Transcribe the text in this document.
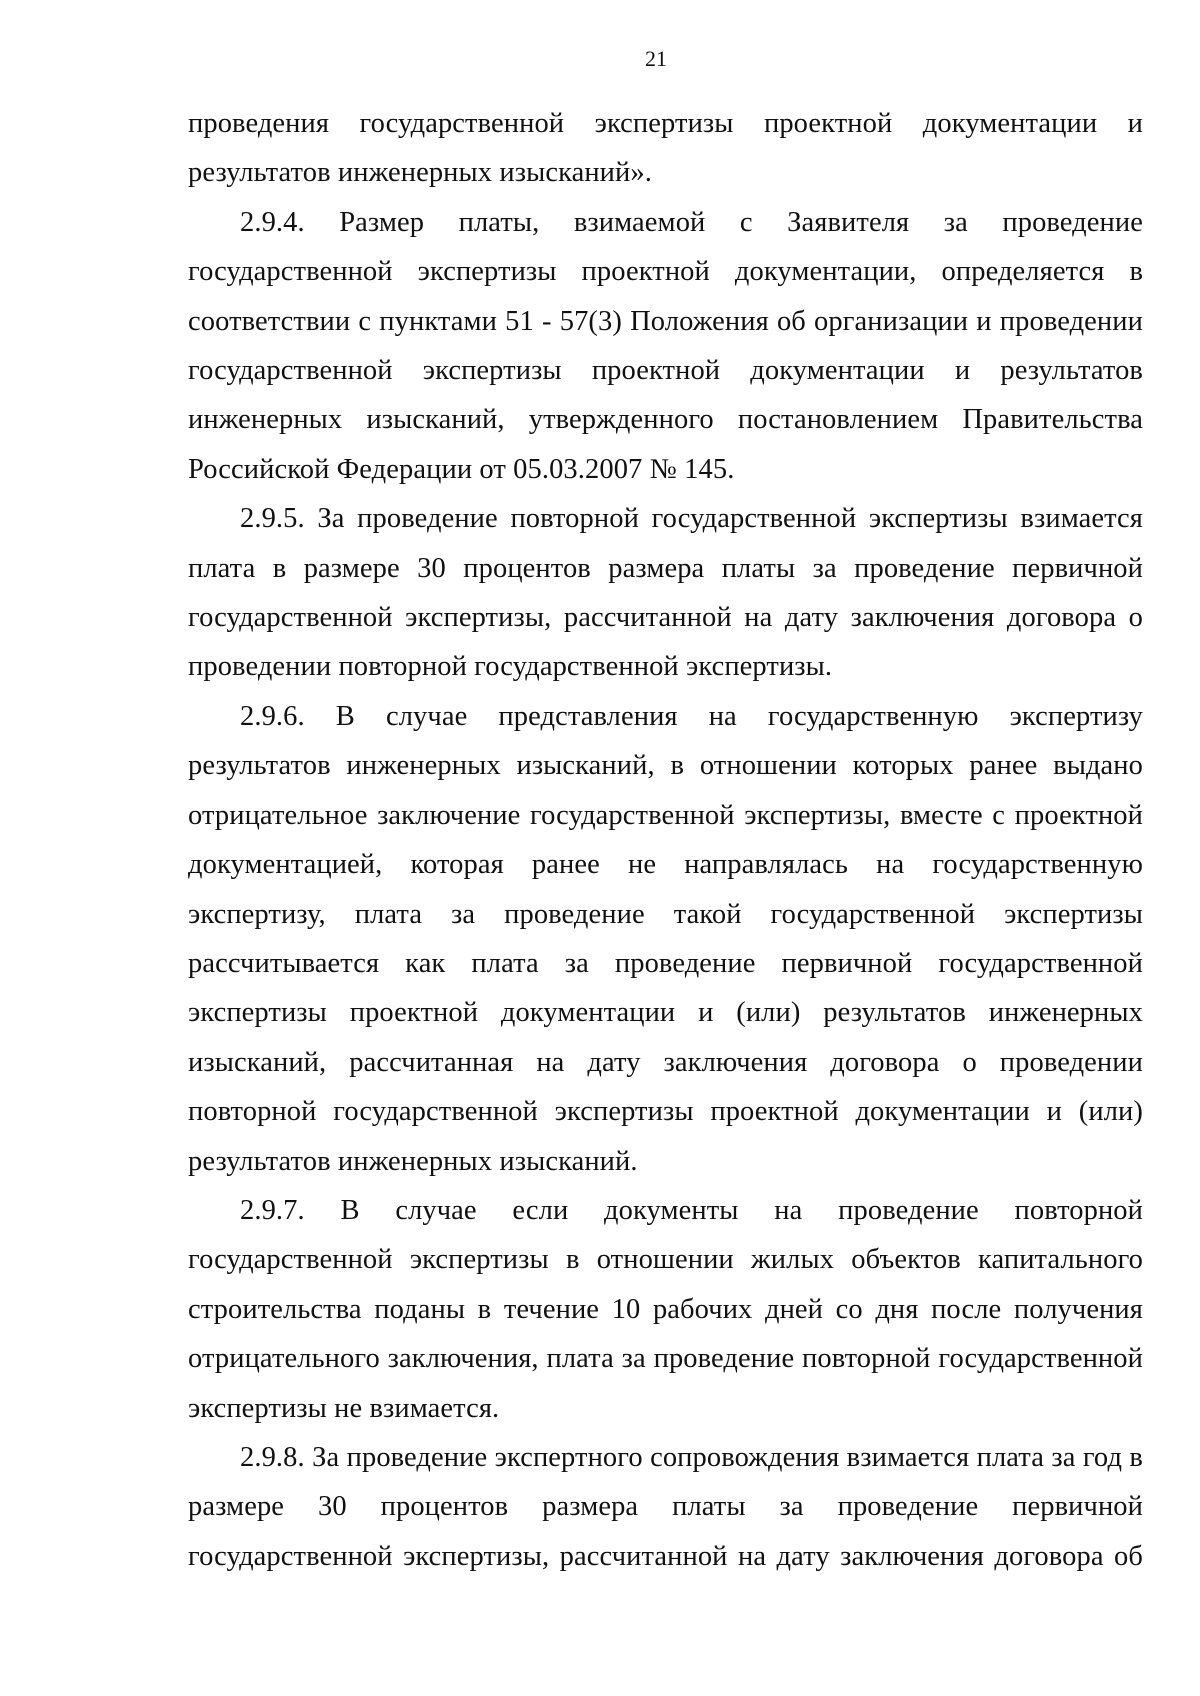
21

проведения государственной экспертизы проектной документации и результатов инженерных изысканий».

2.9.4. Размер платы, взимаемой с Заявителя за проведение государственной экспертизы проектной документации, определяется в соответствии с пунктами 51 - 57(3) Положения об организации и проведении государственной экспертизы проектной документации и результатов инженерных изысканий, утвержденного постановлением Правительства Российской Федерации от 05.03.2007 № 145.

2.9.5. За проведение повторной государственной экспертизы взимается плата в размере 30 процентов размера платы за проведение первичной государственной экспертизы, рассчитанной на дату заключения договора о проведении повторной государственной экспертизы.

2.9.6. В случае представления на государственную экспертизу результатов инженерных изысканий, в отношении которых ранее выдано отрицательное заключение государственной экспертизы, вместе с проектной документацией, которая ранее не направлялась на государственную экспертизу, плата за проведение такой государственной экспертизы рассчитывается как плата за проведение первичной государственной экспертизы проектной документации и (или) результатов инженерных изысканий, рассчитанная на дату заключения договора о проведении повторной государственной экспертизы проектной документации и (или) результатов инженерных изысканий.

2.9.7. В случае если документы на проведение повторной государственной экспертизы в отношении жилых объектов капитального строительства поданы в течение 10 рабочих дней со дня после получения отрицательного заключения, плата за проведение повторной государственной экспертизы не взимается.

2.9.8. За проведение экспертного сопровождения взимается плата за год в размере 30 процентов размера платы за проведение первичной государственной экспертизы, рассчитанной на дату заключения договора об
